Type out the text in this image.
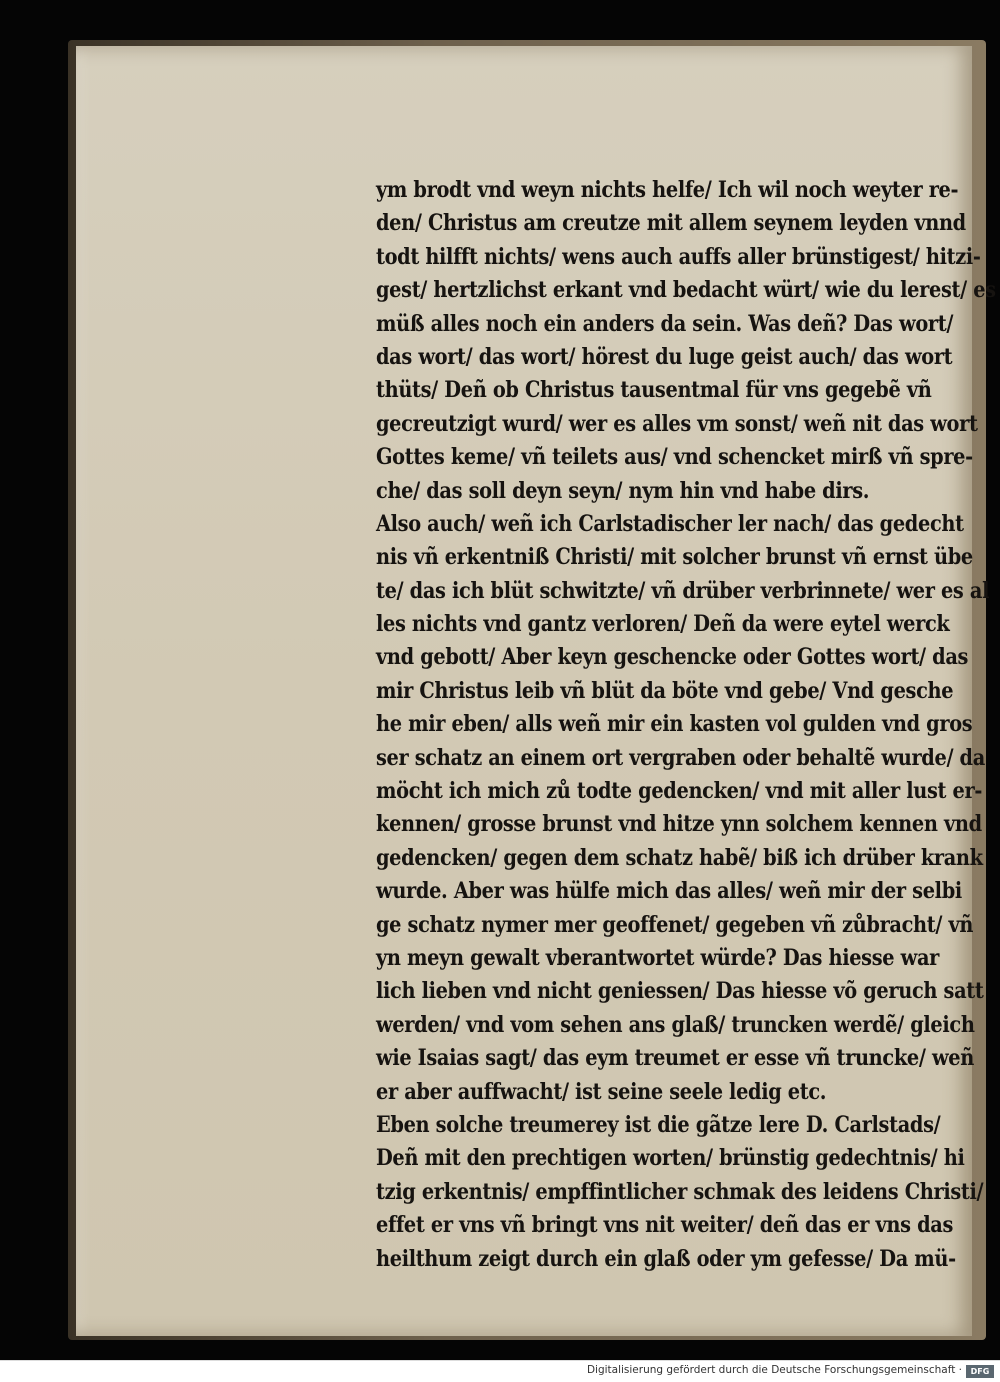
ym brodt vnd weyn nichts helfe/ Ich wil noch weyter re-
den/ Christus am creutze mit allem seynem leyden vnnd
todt hilfft nichts/ wens auch auffs aller brünstigest/ hitzi-
gest/ hertzlichst erkant vnd bedacht würt/ wie du lerest/ es
müß alles noch ein anders da sein. Was deñ? Das wort/
das wort/ das wort/ hörest du luge geist auch/ das wort
thüts/ Deñ ob Christus tausentmal für vns gegebẽ vñ
gecreutzigt wurd/ wer es alles vm sonst/ weñ nit das wort
Gottes keme/ vñ teilets aus/ vnd schencket mirß vñ spre-
che/ das soll deyn seyn/ nym hin vnd habe dirs.
Also auch/ weñ ich Carlstadischer ler nach/ das gedecht
nis vñ erkentniß Christi/ mit solcher brunst vñ ernst übe
te/ das ich blüt schwitzte/ vñ drüber verbrinnete/ wer es al
les nichts vnd gantz verloren/ Deñ da were eytel werck
vnd gebott/ Aber keyn geschencke oder Gottes wort/ das
mir Christus leib vñ blüt da böte vnd gebe/ Vnd gesche
he mir eben/ alls weñ mir ein kasten vol gulden vnd gros
ser schatz an einem ort vergraben oder behaltẽ wurde/ da
möcht ich mich zů todte gedencken/ vnd mit aller lust er-
kennen/ grosse brunst vnd hitze ynn solchem kennen vnd
gedencken/ gegen dem schatz habẽ/ biß ich drüber krank
wurde. Aber was hülfe mich das alles/ weñ mir der selbi
ge schatz nymer mer geoffenet/ gegeben vñ zůbracht/ vñ
yn meyn gewalt vberantwortet würde? Das hiesse war
lich lieben vnd nicht geniessen/ Das hiesse võ geruch satt
werden/ vnd vom sehen ans glaß/ truncken werdẽ/ gleich
wie Isaias sagt/ das eym treumet er esse vñ truncke/ weñ
er aber auffwacht/ ist seine seele ledig etc.
Eben solche treumerey ist die gãtze lere D. Carlstads/
Deñ mit den prechtigen worten/ brünstig gedechtnis/ hi
tzig erkentnis/ empffintlicher schmak des leidens Christi/
effet er vns vñ bringt vns nit weiter/ deñ das er vns das
heilthum zeigt durch ein glaß oder ym gefesse/ Da mü-
Digitalisierung gefördert durch die Deutsche Forschungsgemeinschaft ·	DFG
